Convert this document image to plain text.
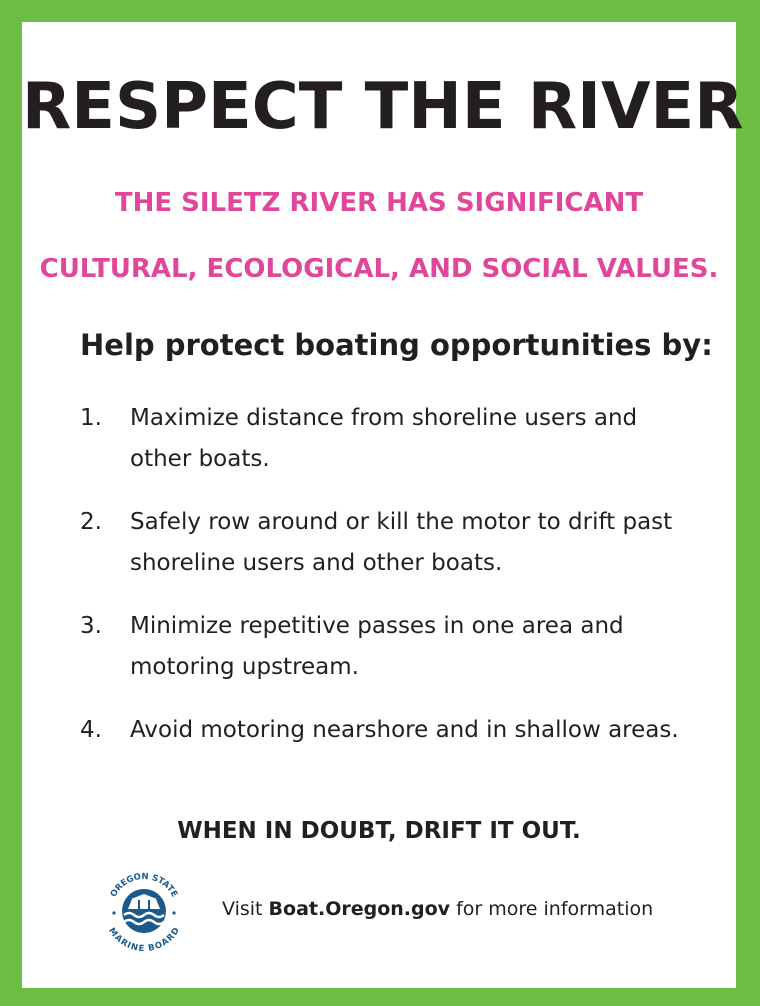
RESPECT THE RIVER

THE SILETZ RIVER HAS SIGNIFICANT

CULTURAL, ECOLOGICAL, AND SOCIAL VALUES.

Help protect boating opportunities by:

1. Maximize distance from shoreline users and other boats.
2. Safely row around or kill the motor to drift past shoreline users and other boats.
3. Minimize repetitive passes in one area and motoring upstream.
4. Avoid motoring nearshore and in shallow areas.

WHEN IN DOUBT, DRIFT IT OUT.

OREGON STATE
MARINE BOARD

Visit Boat.Oregon.gov for more information
